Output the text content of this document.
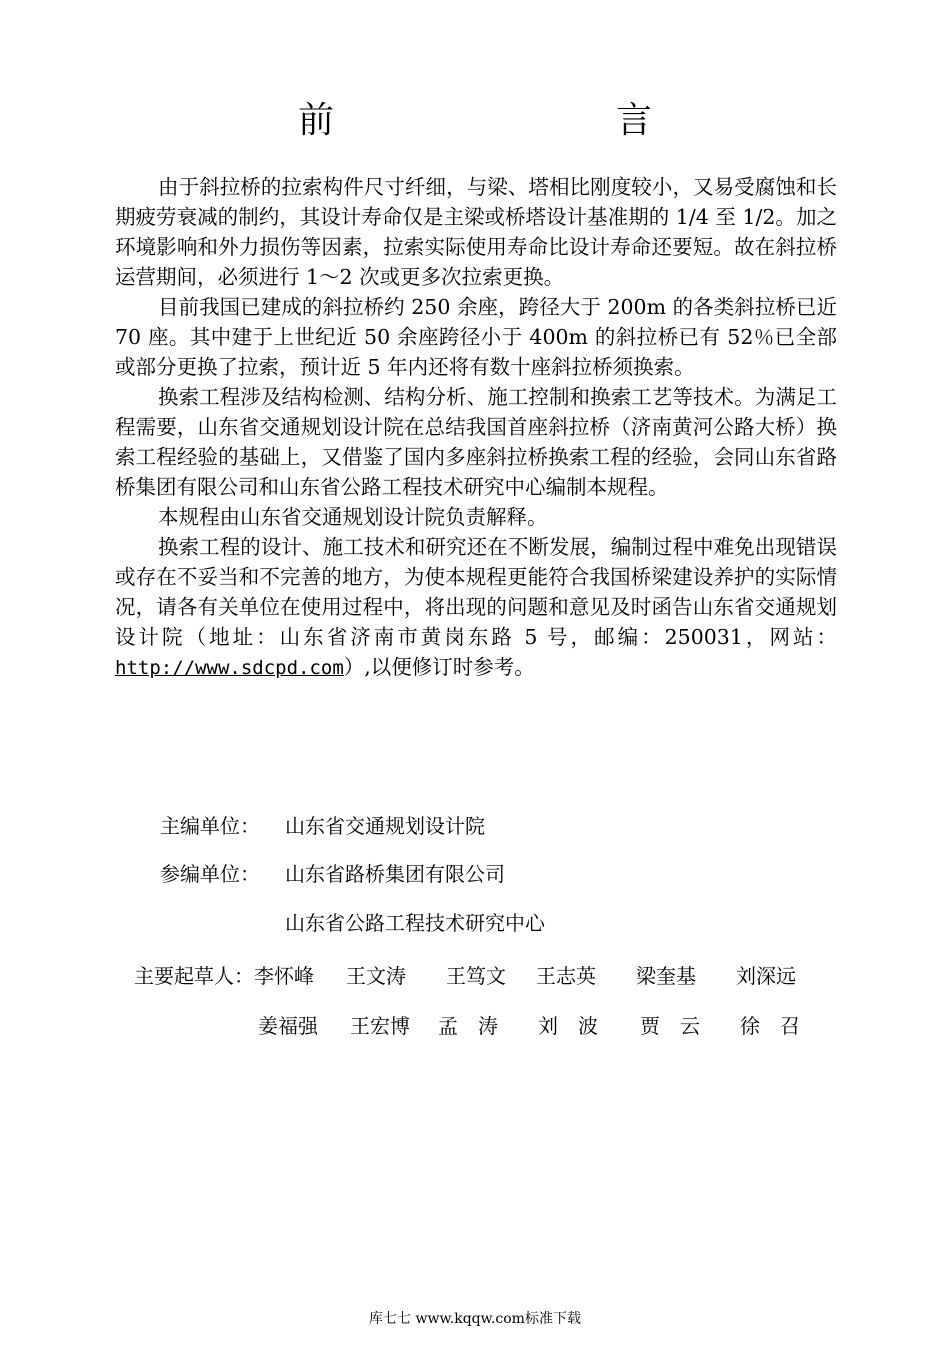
前　　言

由于斜拉桥的拉索构件尺寸纤细，与梁、塔相比刚度较小，又易受腐蚀和长期疲劳衰减的制约，其设计寿命仅是主梁或桥塔设计基准期的 1/4 至 1/2。加之环境影响和外力损伤等因素，拉索实际使用寿命比设计寿命还要短。故在斜拉桥运营期间，必须进行 1～2 次或更多次拉索更换。

目前我国已建成的斜拉桥约 250 余座，跨径大于 200m 的各类斜拉桥已近 70 座。其中建于上世纪近 50 余座跨径小于 400m 的斜拉桥已有 52％已全部或部分更换了拉索，预计近 5 年内还将有数十座斜拉桥须换索。

换索工程涉及结构检测、结构分析、施工控制和换索工艺等技术。为满足工程需要，山东省交通规划设计院在总结我国首座斜拉桥（济南黄河公路大桥）换索工程经验的基础上，又借鉴了国内多座斜拉桥换索工程的经验，会同山东省路桥集团有限公司和山东省公路工程技术研究中心编制本规程。

本规程由山东省交通规划设计院负责解释。

换索工程的设计、施工技术和研究还在不断发展，编制过程中难免出现错误或存在不妥当和不完善的地方，为使本规程更能符合我国桥梁建设养护的实际情况，请各有关单位在使用过程中，将出现的问题和意见及时函告山东省交通规划设计院（地址：山东省济南市黄岗东路 5 号，邮编：250031，网站： http://www.sdcpd.com）,以便修订时参考。

主编单位： 山东省交通规划设计院
参编单位： 山东省路桥集团有限公司
山东省公路工程技术研究中心
主要起草人：李怀峰 王文涛 王笃文 王志英 梁奎基 刘深远
姜福强 王宏博 孟　涛 刘　波 贾　云 徐　召
库七七 www.kqqw.com标准下载
